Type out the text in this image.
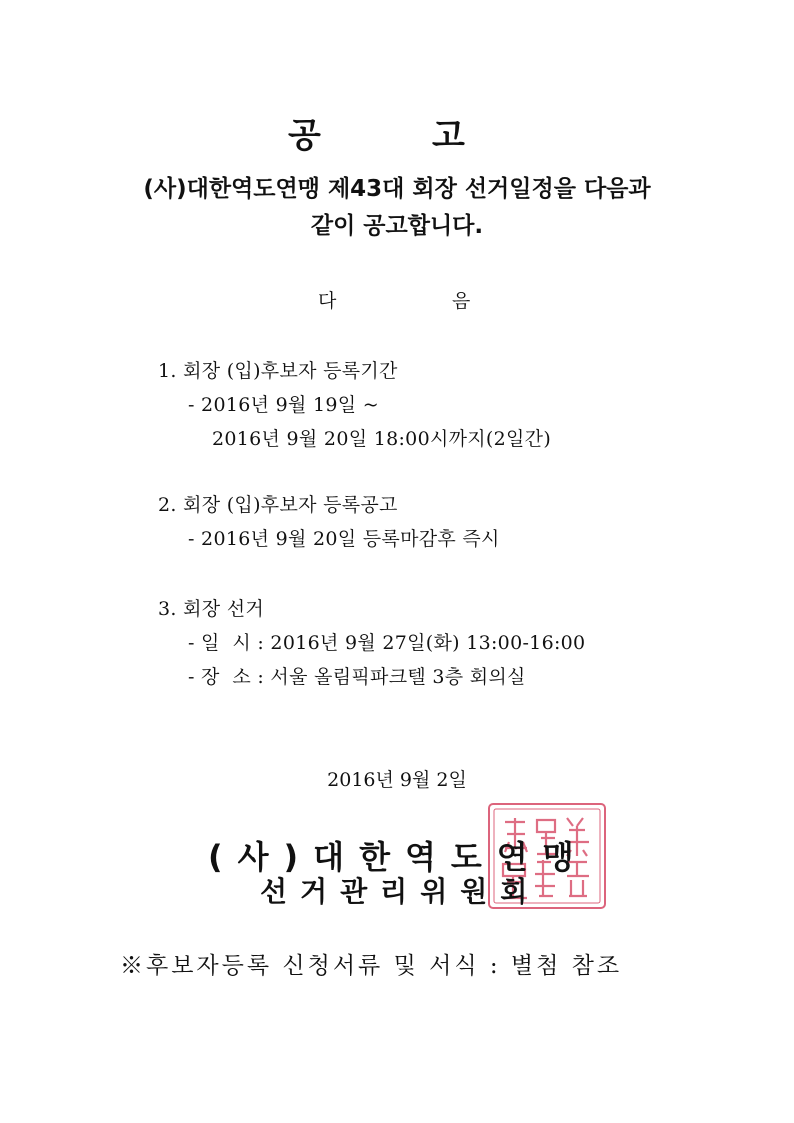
공	고
(사)대한역도연맹 제43대 회장 선거일정을 다음과
같이 공고합니다.
다	음
1. 회장 (입)후보자 등록기간
- 2016년 9월 19일 ~
2016년 9월 20일 18:00시까지(2일간)
2. 회장 (입)후보자 등록공고
- 2016년 9월 20일 등록마감후 즉시
3. 회장 선거
- 일  시 : 2016년 9월 27일(화) 13:00-16:00
- 장  소 : 서울 올림픽파크텔 3층 회의실
2016년 9월 2일
(사)대한역도연맹
선거관리위원회
※후보자등록 신청서류 및 서식 : 별첨 참조
